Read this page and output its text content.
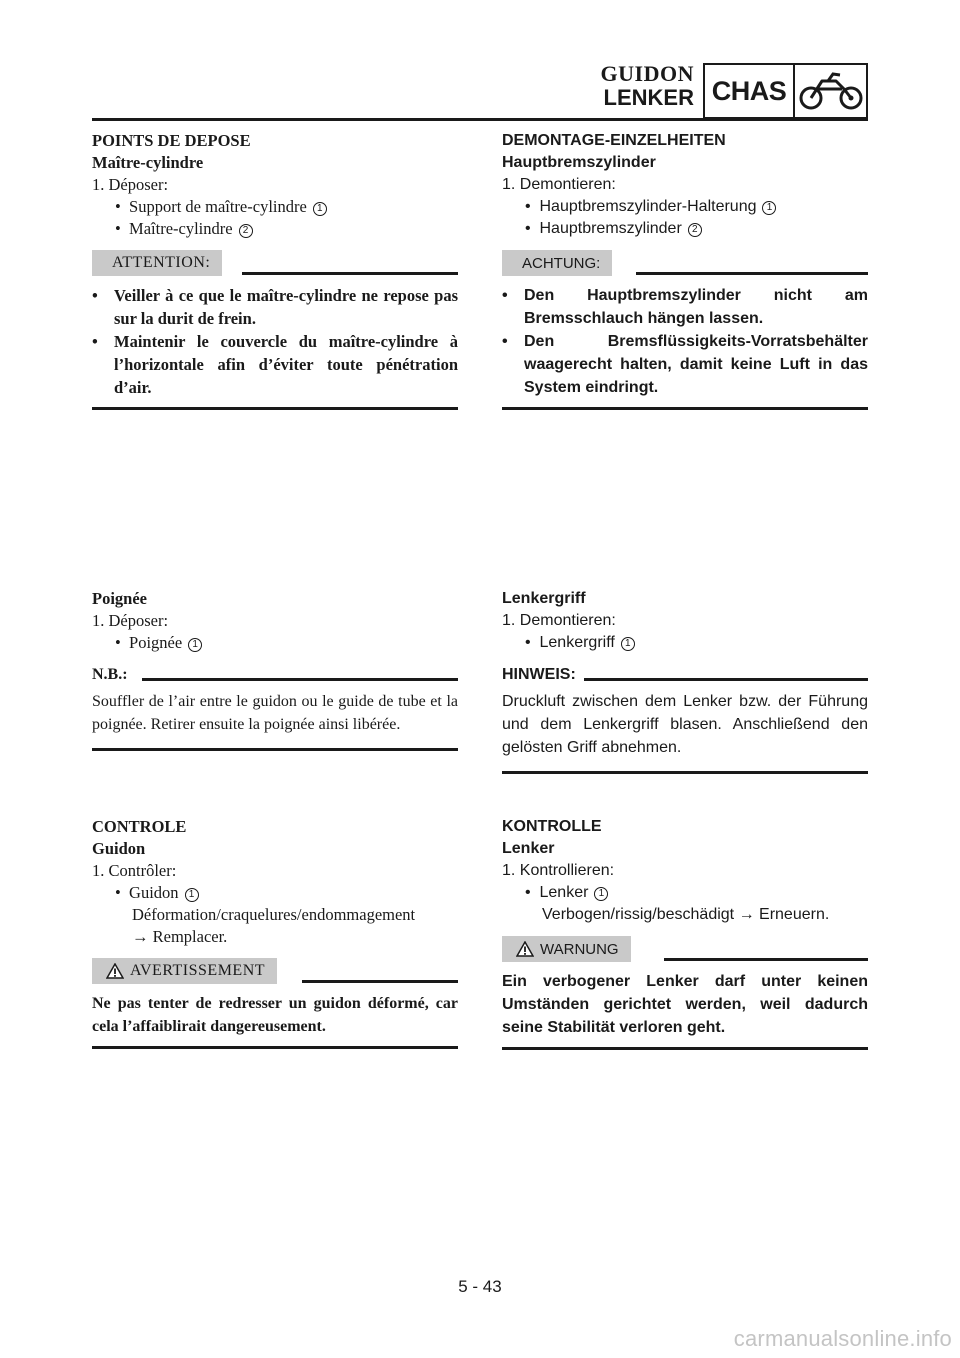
GUIDON
LENKER CHAS
POINTS DE DEPOSE
Maître-cylindre
1. Déposer:
•  Support de maître-cylindre 1
•  Maître-cylindre 2
ATTENTION:
• Veiller à ce que le maître-cylindre ne repose pas sur la durit de frein.
• Maintenir le couvercle du maître-cylindre à l’horizontale afin d’éviter toute pénétration d’air.
Poignée
1. Déposer:
•  Poignée 1
N.B.:
Souffler de l’air entre le guidon ou le guide de tube et la poignée. Retirer ensuite la poignée ainsi libérée.
CONTROLE
Guidon
1. Contrôler:
•  Guidon 1
Déformation/craquelures/endommagement
→ Remplacer.
AVERTISSEMENT
Ne pas tenter de redresser un guidon déformé, car cela l’affaiblirait dangereusement.
DEMONTAGE-EINZELHEITEN
Hauptbremszylinder
1. Demontieren:
•  Hauptbremszylinder-Halterung 1
•  Hauptbremszylinder 2
ACHTUNG:
• Den Hauptbremszylinder nicht am Bremsschlauch hängen lassen.
• Den Bremsflüssigkeits-Vorratsbehälter waagerecht halten, damit keine Luft in das System eindringt.
Lenkergriff
1. Demontieren:
•  Lenkergriff 1
HINWEIS:
Druckluft zwischen dem Lenker bzw. der Führung und dem Lenkergriff blasen. Anschließend den gelösten Griff abnehmen.
KONTROLLE
Lenker
1. Kontrollieren:
•  Lenker 1
Verbogen/rissig/beschädigt → Erneuern.
WARNUNG
Ein verbogener Lenker darf unter keinen Umständen gerichtet werden, weil dadurch seine Stabilität verloren geht.
5 - 43
carmanualsonline.info
